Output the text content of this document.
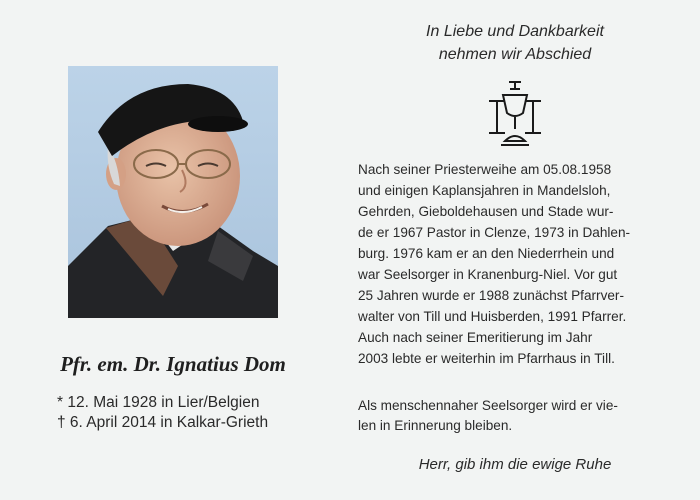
Pfr. em. Dr. Ignatius Dom
* 12. Mai 1928 in Lier/Belgien
† 6. April 2014 in Kalkar-Grieth
In Liebe und Dankbarkeit
nehmen wir Abschied
Nach seiner Priesterweihe am 05.08.1958
und einigen Kaplansjahren in Mandelsloh,
Gehrden, Gieboldehausen und Stade wur-
de er 1967 Pastor in Clenze, 1973 in Dahlen-
burg. 1976 kam er an den Niederrhein und
war Seelsorger in Kranenburg-Niel. Vor gut
25 Jahren wurde er 1988 zunächst Pfarrver-
walter von Till und Huisberden, 1991 Pfarrer.
Auch nach seiner Emeritierung im Jahr
2003 lebte er weiterhin im Pfarrhaus in Till.
Als menschennaher Seelsorger wird er vie-
len in Erinnerung bleiben.
Herr, gib ihm die ewige Ruhe
